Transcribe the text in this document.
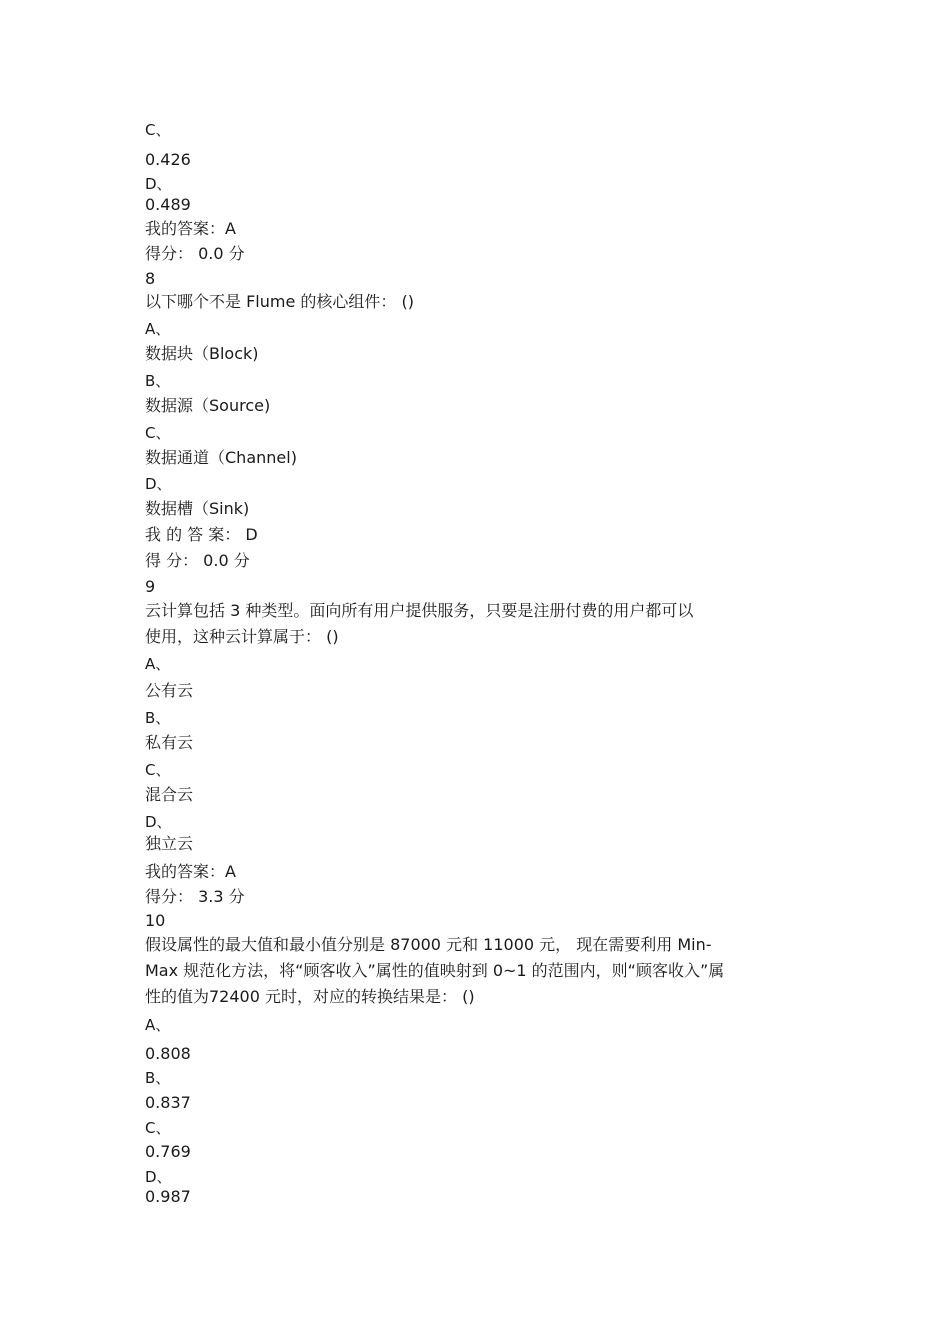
C、

0.426

D、

0.489

我的答案：A

得分： 0.0 分

8

以下哪个不是 Flume 的核心组件： ()

A、

数据块（Block)

B、

数据源（Source)

C、

数据通道（Channel)

D、

数据槽（Sink)

我 的 答 案： D

得 分： 0.0 分

9

云计算包括 3 种类型。面向所有用户提供服务，只要是注册付费的用户都可以

使用，这种云计算属于： ()

A、

公有云

B、

私有云

C、

混合云

D、

独立云

我的答案：A

得分： 3.3 分

10

假设属性的最大值和最小值分别是 87000 元和 11000 元， 现在需要利用 Min-

Max 规范化方法，将“顾客收入”属性的值映射到 0~1 的范围内，则“顾客收入”属

性的值为72400 元时，对应的转换结果是： ()

A、

0.808

B、

0.837

C、

0.769

D、

0.987
